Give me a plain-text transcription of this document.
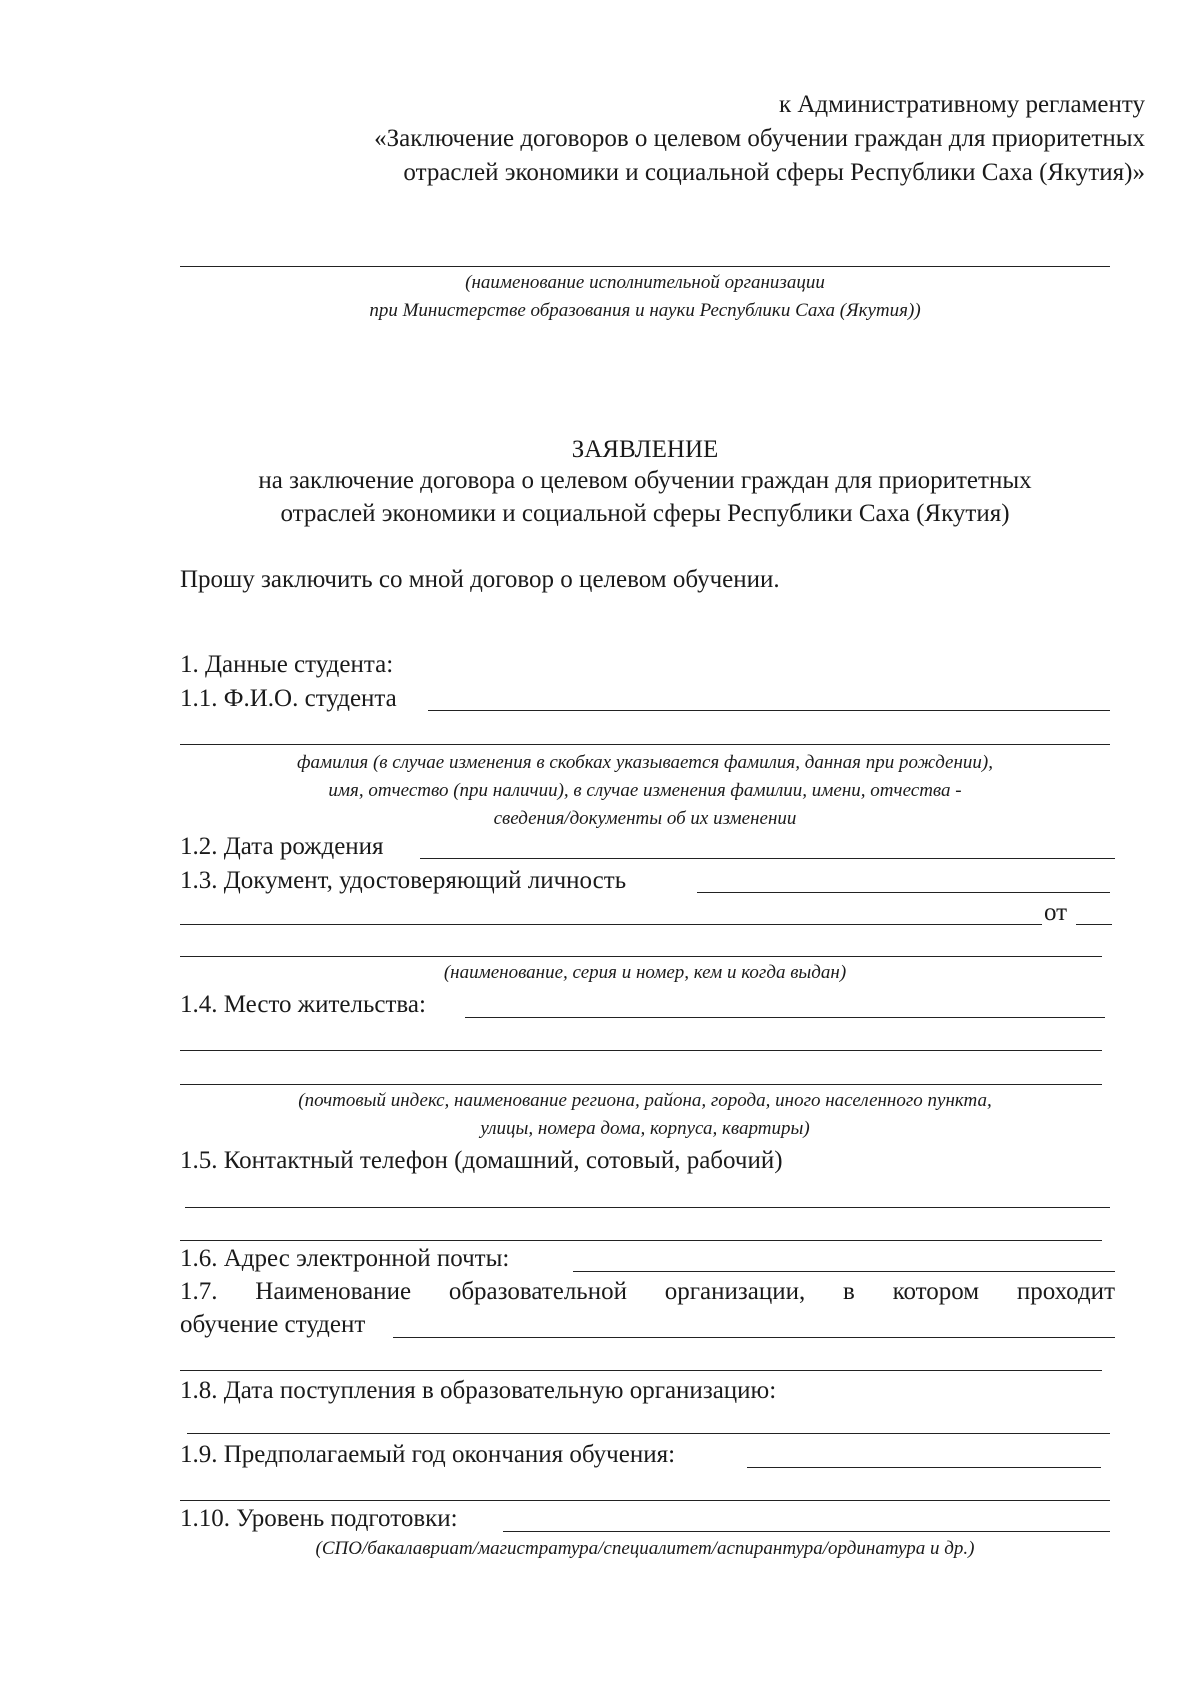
к Административному регламенту
«Заключение договоров о целевом обучении граждан для приоритетных
отраслей экономики и социальной сферы Республики Саха (Якутия)»
(наименование исполнительной организации
при Министерстве образования и науки Республики Саха (Якутия))
ЗАЯВЛЕНИЕ
на заключение договора о целевом обучении граждан для приоритетных
отраслей экономики и социальной сферы Республики Саха (Якутия)
Прошу заключить со мной договор о целевом обучении.
1. Данные студента:
1.1. Ф.И.О. студента
фамилия (в случае изменения в скобках указывается фамилия, данная при рождении),
имя, отчество (при наличии), в случае изменения фамилии, имени, отчества -
сведения/документы об их изменении
1.2. Дата рождения
1.3. Документ, удостоверяющий личность
от
(наименование, серия и номер, кем и когда выдан)
1.4. Место жительства:
(почтовый индекс, наименование региона, района, города, иного населенного пункта,
улицы, номера дома, корпуса, квартиры)
1.5. Контактный телефон (домашний, сотовый, рабочий)
1.6. Адрес электронной почты:
1.7. Наименование образовательной организации, в котором проходит
обучение студент
1.8. Дата поступления в образовательную организацию:
1.9. Предполагаемый год окончания обучения:
1.10. Уровень подготовки:
(СПО/бакалавриат/магистратура/специалитет/аспирантура/ординатура и др.)
